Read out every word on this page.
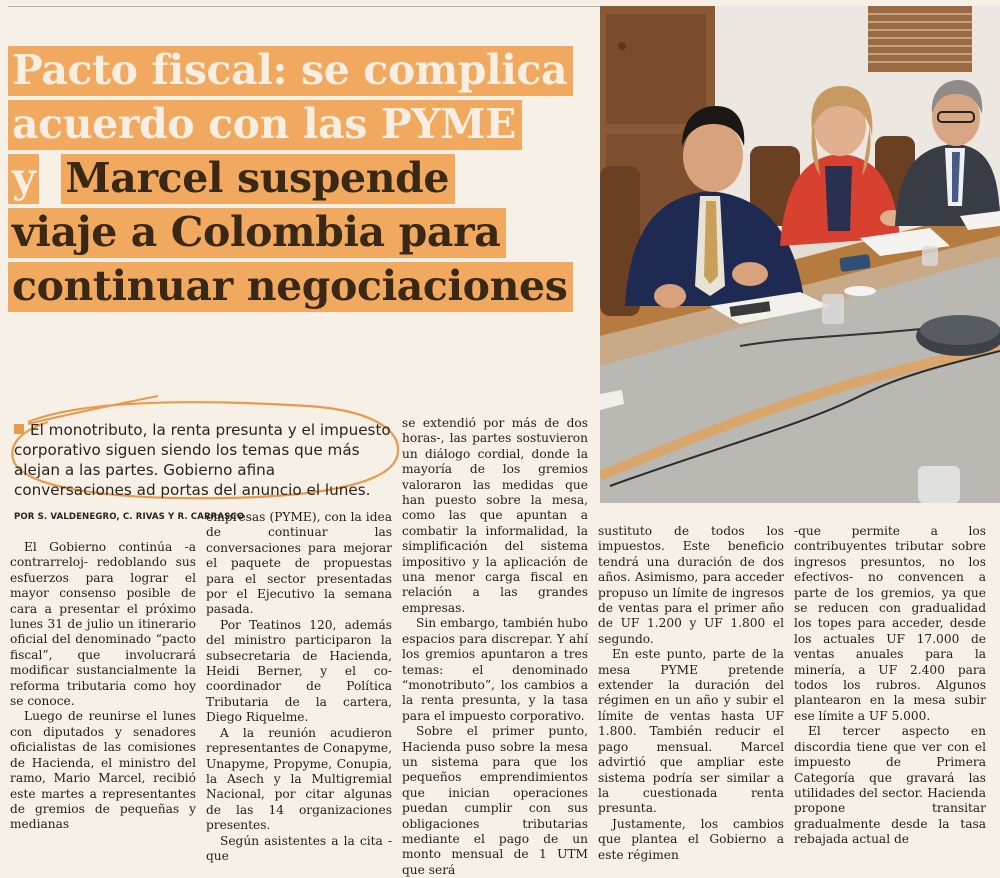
Pacto fiscal: se complica
acuerdo con las PYME
y Marcel suspende
viaje a Colombia para
continuar negociaciones

El monotributo, la renta presunta y el impuesto corporativo siguen siendo los temas que más alejan a las partes. Gobierno afina conversaciones ad portas del anuncio el lunes.

POR S. VALDENEGRO, C. RIVAS Y R. CARRASCO

El Gobierno continúa -a contrarreloj- redoblando sus esfuerzos para lograr el mayor consenso posible de cara a presentar el próximo lunes 31 de julio un itinerario oficial del denominado “pacto fiscal”, que involucrará modificar sustancialmente la reforma tributaria como hoy se conoce.

Luego de reunirse el lunes con diputados y senadores oficialistas de las comisiones de Hacienda, el ministro del ramo, Mario Marcel, recibió este martes a representantes de gremios de pequeñas y medianas

empresas (PYME), con la idea de continuar las conversaciones para mejorar el paquete de propuestas para el sector presentadas por el Ejecutivo la semana pasada.

Por Teatinos 120, además del ministro participaron la subsecretaria de Hacienda, Heidi Berner, y el co-coordinador de Política Tributaria de la cartera, Diego Riquelme.

A la reunión acudieron representantes de Conapyme, Unapyme, Propyme, Conupia, la Asech y la Multigremial Nacional, por citar algunas de las 14 organizaciones presentes.

Según asistentes a la cita -que

se extendió por más de dos horas-, las partes sostuvieron un diálogo cordial, donde la mayoría de los gremios valoraron las medidas que han puesto sobre la mesa, como las que apuntan a combatir la informalidad, la simplificación del sistema impositivo y la aplicación de una menor carga fiscal en relación a las grandes empresas.

Sin embargo, también hubo espacios para discrepar. Y ahí los gremios apuntaron a tres temas: el denominado “monotributo”, los cambios a la renta presunta, y la tasa para el impuesto corporativo.

Sobre el primer punto, Hacienda puso sobre la mesa un sistema para que los pequeños emprendimientos que inician operaciones puedan cumplir con sus obligaciones tributarias mediante el pago de un monto mensual de 1 UTM que será

sustituto de todos los impuestos. Este beneficio tendrá una duración de dos años. Asimismo, para acceder propuso un límite de ingresos de ventas para el primer año de UF 1.200 y UF 1.800 el segundo.

En este punto, parte de la mesa PYME pretende extender la duración del régimen en un año y subir el límite de ventas hasta UF 1.800. También reducir el pago mensual. Marcel advirtió que ampliar este sistema podría ser similar a la cuestionada renta presunta.

Justamente, los cambios que plantea el Gobierno a este régimen

-que permite a los contribuyentes tributar sobre ingresos presuntos, no los efectivos- no convencen a parte de los gremios, ya que se reducen con gradualidad los topes para acceder, desde los actuales UF 17.000 de ventas anuales para la minería, a UF 2.400 para todos los rubros. Algunos plantearon en la mesa subir ese límite a UF 5.000.

El tercer aspecto en discordia tiene que ver con el impuesto de Primera Categoría que gravará las utilidades del sector. Hacienda propone transitar gradualmente desde la tasa rebajada actual de
